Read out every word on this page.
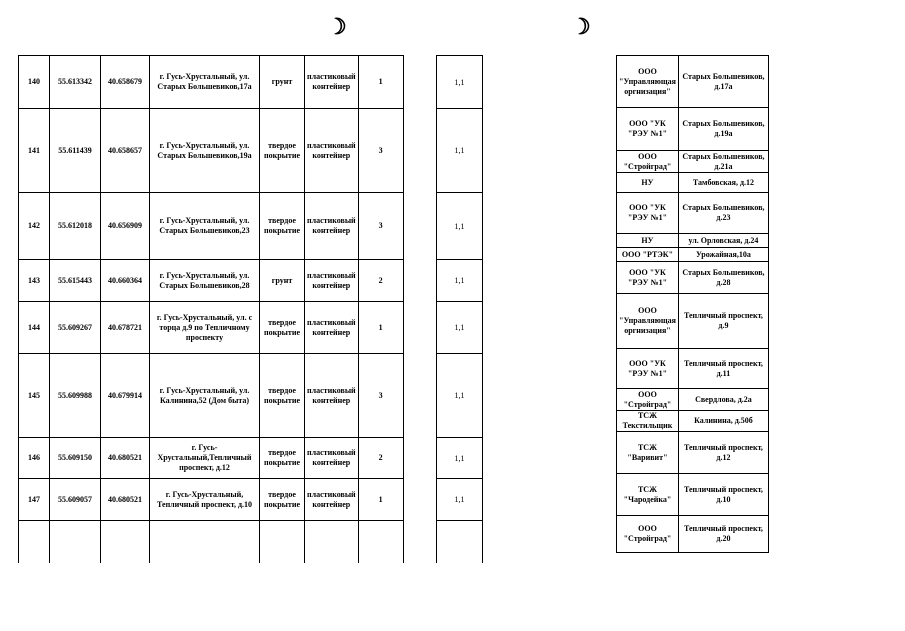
☽	☽
140	55.613342	40.658679	г. Гусь-Хрустальный, ул. Старых Большевиков,17а	грунт	пластиковый контейнер	1
141	55.611439	40.658657	г. Гусь-Хрустальный, ул. Старых Большевиков,19а	твердое покрытие	пластиковый контейнер	3
142	55.612018	40.656909	г. Гусь-Хрустальный, ул. Старых Большевиков,23	твердое покрытие	пластиковый контейнер	3
143	55.615443	40.660364	г. Гусь-Хрустальный, ул. Старых Большевиков,28	грунт	пластиковый контейнер	2
144	55.609267	40.678721	г. Гусь-Хрустальный, ул. с торца д.9 по Тепличному проспекту	твердое покрытие	пластиковый контейнер	1
145	55.609988	40.679914	г. Гусь-Хрустальный, ул. Калинина,52 (Дом быта)	твердое покрытие	пластиковый контейнер	3
146	55.609150	40.680521	г. Гусь-Хрустальный,Тепличный проспект, д.12	твердое покрытие	пластиковый контейнер	2
147	55.609057	40.680521	г. Гусь-Хрустальный, Тепличный проспект, д.10	твердое покрытие	пластиковый контейнер	1

1,1
1,1
1,1
1,1
1,1
1,1
1,1
1,1

ООО "Управляющая оргнизация"	Старых Большевиков, д.17а
ООО "УК "РЭУ №1"	Старых Большевиков, д.19а
ООО "Стройград"	Старых Большевиков, д.21а
НУ	Тамбовская, д.12
ООО "УК "РЭУ №1"	Старых Большевиков, д.23
НУ	ул. Орловская, д.24
ООО "РТЭК"	Урожайная,10а
ООО "УК "РЭУ №1"	Старых Большевиков, д.28
ООО "Управляющая оргнизация"	Тепличный проспект, д.9
ООО "УК "РЭУ №1"	Тепличный проспект, д.11
ООО "Стройград"	Свердлова, д.2а
ТСЖ Текстильщик	Калинина, д.50б
ТСЖ "Варивит"	Тепличный проспект, д.12
ТСЖ "Чародейка"	Тепличный проспект, д.10
ООО "Стройград"	Тепличный проспект, д.20
